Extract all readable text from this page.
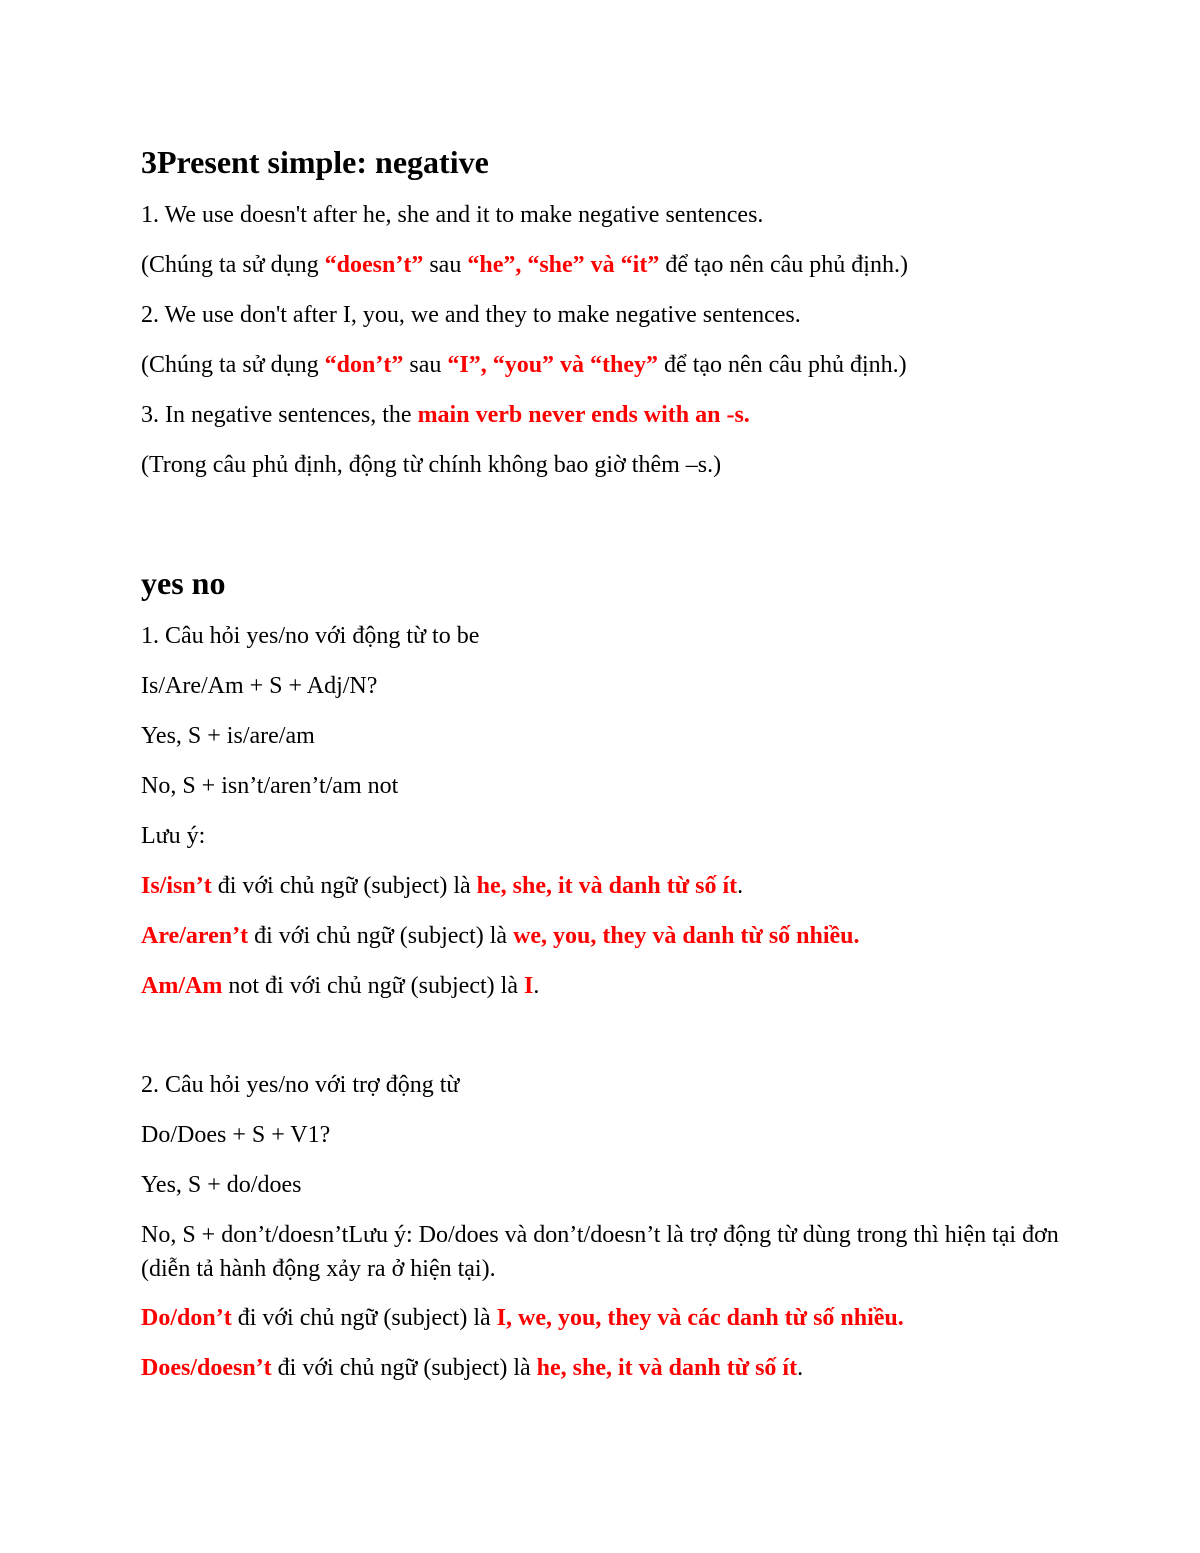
3Present simple: negative

1. We use doesn't after he, she and it to make negative sentences.

(Chúng ta sử dụng “doesn’t” sau “he”, “she” và “it” để tạo nên câu phủ định.)

2. We use don't after I, you, we and they to make negative sentences.

(Chúng ta sử dụng “don’t” sau “I”, “you” và “they” để tạo nên câu phủ định.)

3. In negative sentences, the main verb never ends with an -s.

(Trong câu phủ định, động từ chính không bao giờ thêm –s.)

yes no

1. Câu hỏi yes/no với động từ to be

Is/Are/Am + S + Adj/N?

Yes, S + is/are/am

No, S + isn’t/aren’t/am not

Lưu ý:

Is/isn’t đi với chủ ngữ (subject) là he, she, it và danh từ số ít.

Are/aren’t đi với chủ ngữ (subject) là we, you, they và danh từ số nhiều.

Am/Am not đi với chủ ngữ (subject) là I.

2. Câu hỏi yes/no với trợ động từ

Do/Does + S + V1?

Yes, S + do/does

No, S + don’t/doesn’tLưu ý: Do/does và don’t/doesn’t là trợ động từ dùng trong thì hiện tại đơn (diễn tả hành động xảy ra ở hiện tại).

Do/don’t đi với chủ ngữ (subject) là I, we, you, they và các danh từ số nhiều.

Does/doesn’t đi với chủ ngữ (subject) là he, she, it và danh từ số ít.
